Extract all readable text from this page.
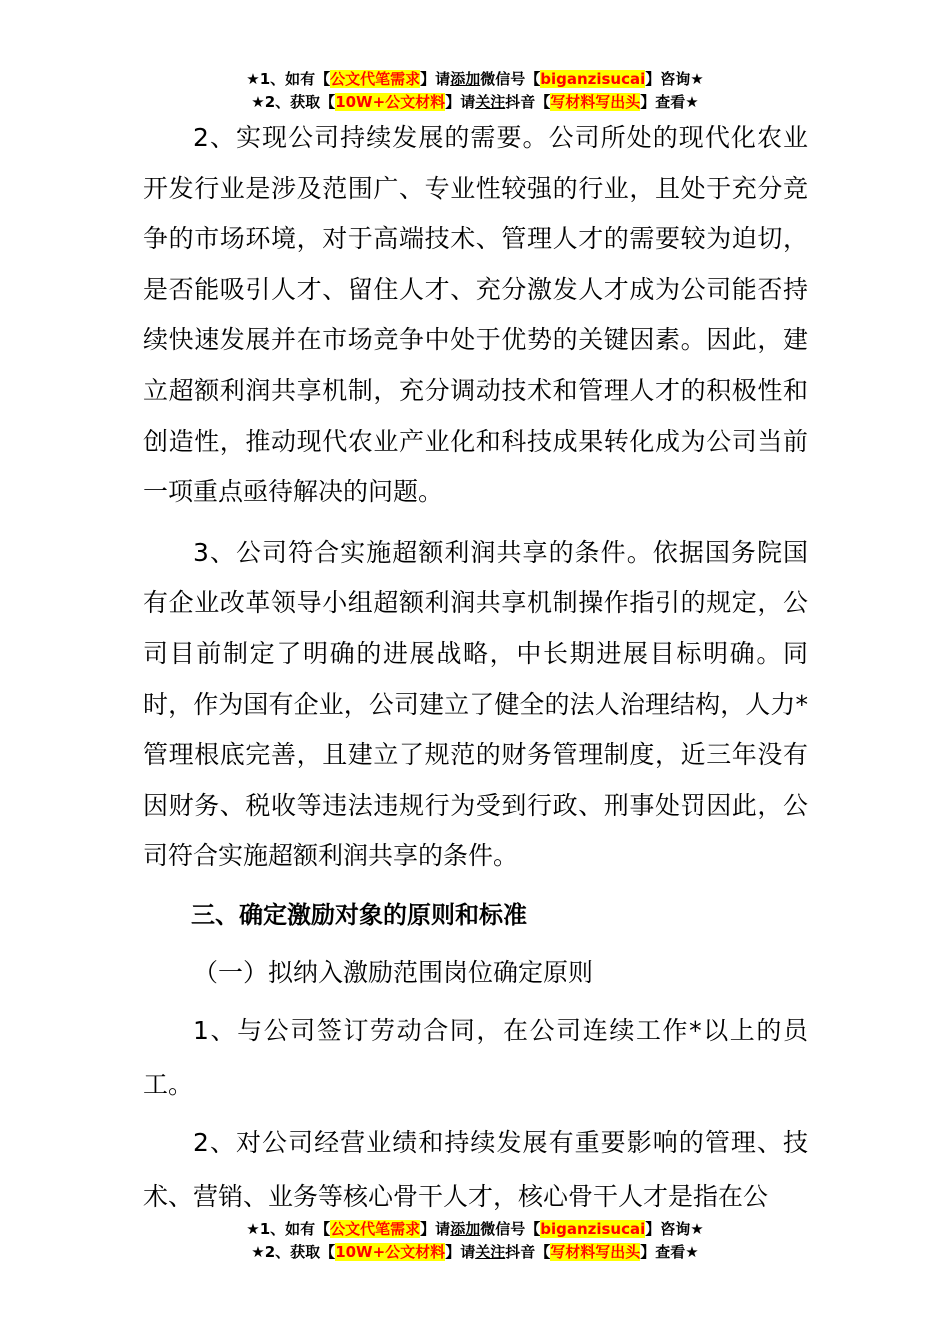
★1、如有【公文代笔需求】请添加微信号【biganzisucai】咨询★
★2、获取【10W+公文材料】请关注抖音【写材料写出头】查看★

2、实现公司持续发展的需要。公司所处的现代化农业开发行业是涉及范围广、专业性较强的行业，且处于充分竞争的市场环境，对于高端技术、管理人才的需要较为迫切，是否能吸引人才、留住人才、充分激发人才成为公司能否持续快速发展并在市场竞争中处于优势的关键因素。因此，建立超额利润共享机制，充分调动技术和管理人才的积极性和创造性，推动现代农业产业化和科技成果转化成为公司当前一项重点亟待解决的问题。

3、公司符合实施超额利润共享的条件。依据国务院国有企业改革领导小组超额利润共享机制操作指引的规定，公司目前制定了明确的进展战略，中长期进展目标明确。同时，作为国有企业，公司建立了健全的法人治理结构，人力*管理根底完善，且建立了规范的财务管理制度，近三年没有因财务、税收等违法违规行为受到行政、刑事处罚因此，公司符合实施超额利润共享的条件。

三、确定激励对象的原则和标准

（一）拟纳入激励范围岗位确定原则

1、与公司签订劳动合同，在公司连续工作*以上的员工。

2、对公司经营业绩和持续发展有重要影响的管理、技术、营销、业务等核心骨干人才，核心骨干人才是指在公

★1、如有【公文代笔需求】请添加微信号【biganzisucai】咨询★
★2、获取【10W+公文材料】请关注抖音【写材料写出头】查看★
